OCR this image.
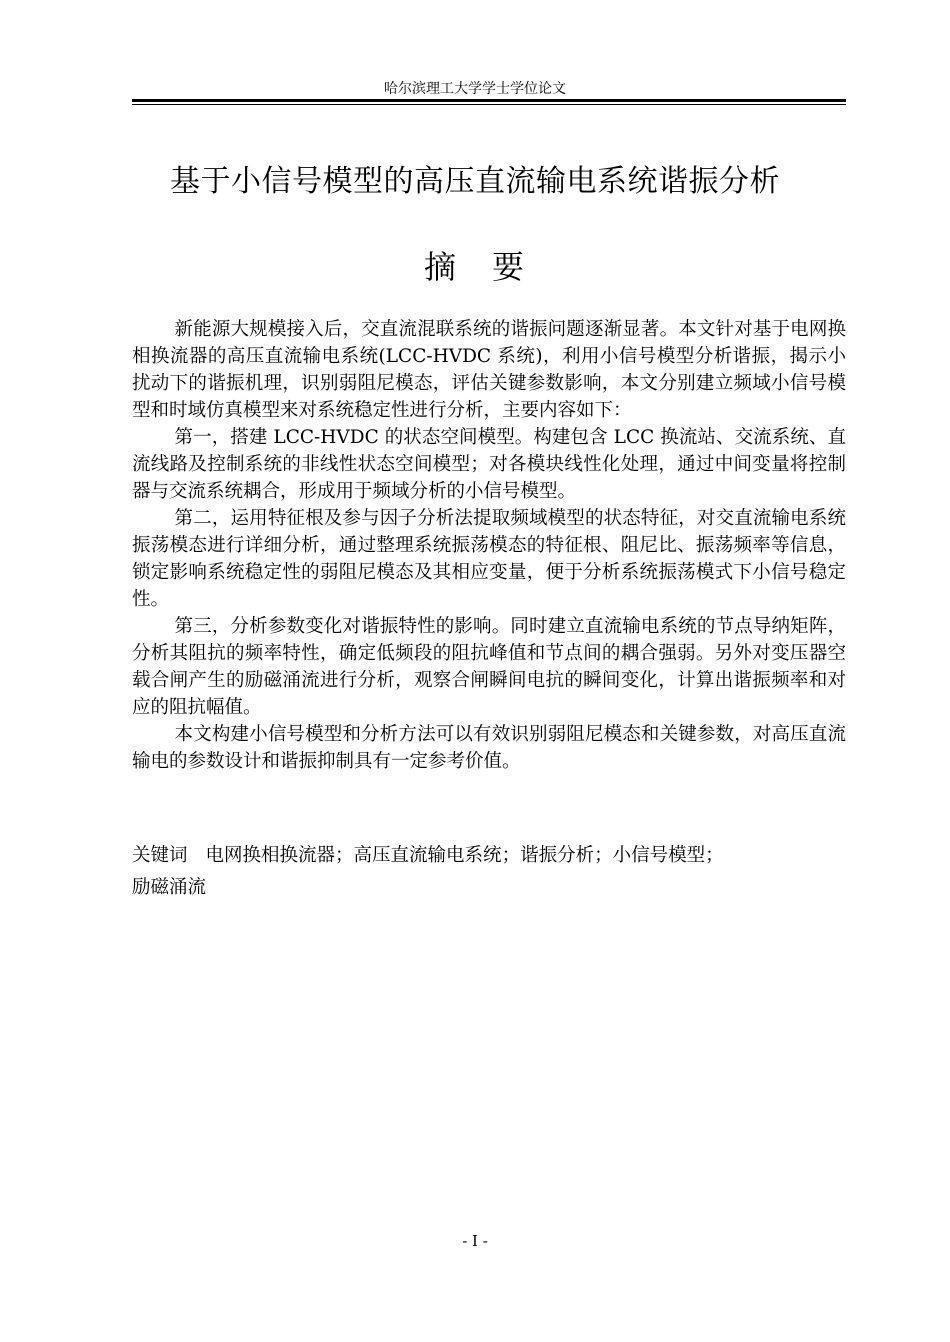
哈尔滨理工大学学士学位论文
基于小信号模型的高压直流输电系统谐振分析
摘　要

新能源大规模接入后，交直流混联系统的谐振问题逐渐显著。本文针对基于电网换相换流器的高压直流输电系统(LCC-HVDC 系统)，利用小信号模型分析谐振，揭示小扰动下的谐振机理，识别弱阻尼模态，评估关键参数影响，本文分别建立频域小信号模型和时域仿真模型来对系统稳定性进行分析，主要内容如下：

第一，搭建 LCC-HVDC 的状态空间模型。构建包含 LCC 换流站、交流系统、直流线路及控制系统的非线性状态空间模型；对各模块线性化处理，通过中间变量将控制器与交流系统耦合，形成用于频域分析的小信号模型。

第二，运用特征根及参与因子分析法提取频域模型的状态特征，对交直流输电系统振荡模态进行详细分析，通过整理系统振荡模态的特征根、阻尼比、振荡频率等信息，锁定影响系统稳定性的弱阻尼模态及其相应变量，便于分析系统振荡模式下小信号稳定性。

第三，分析参数变化对谐振特性的影响。同时建立直流输电系统的节点导纳矩阵，分析其阻抗的频率特性，确定低频段的阻抗峰值和节点间的耦合强弱。另外对变压器空载合闸产生的励磁涌流进行分析，观察合闸瞬间电抗的瞬间变化，计算出谐振频率和对应的阻抗幅值。

本文构建小信号模型和分析方法可以有效识别弱阻尼模态和关键参数，对高压直流输电的参数设计和谐振抑制具有一定参考价值。

关键词 电网换相换流器；高压直流输电系统；谐振分析；小信号模型；
励磁涌流
- I -
